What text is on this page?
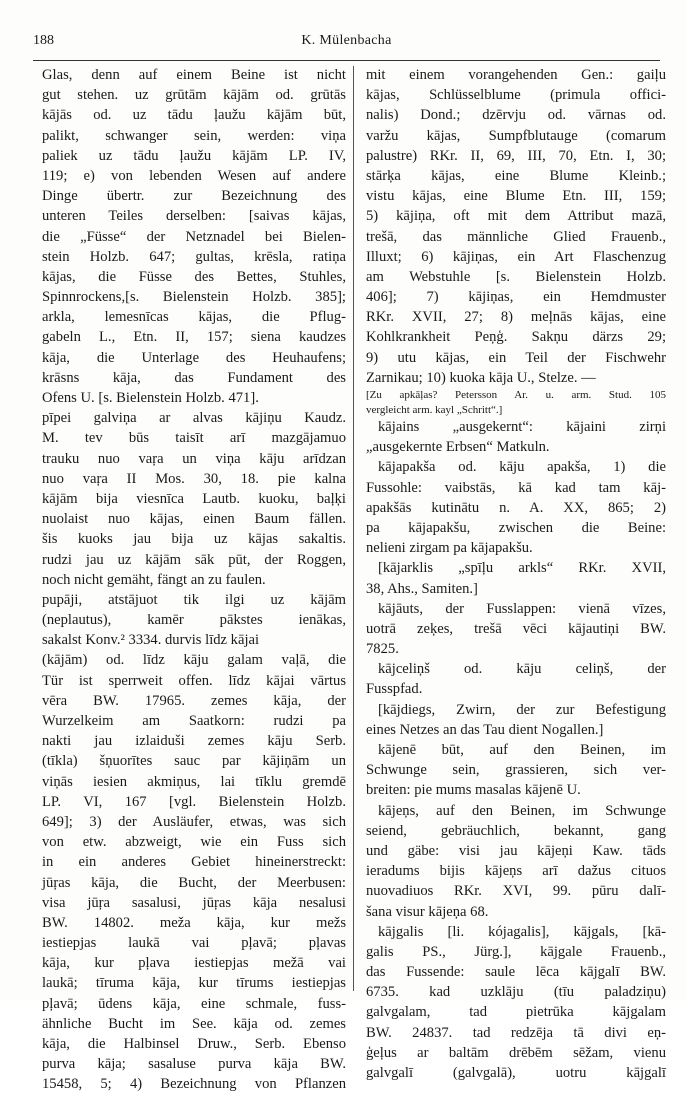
188	K. Mülenbacha
Glas, denn auf einem Beine ist nicht
gut stehen. uz grūtām kājām od. grūtās
kājās od. uz tādu ļaužu kājām būt,
palikt, schwanger sein, werden: viņa
paliek uz tādu ļaužu kājām LP. IV,
119; e) von lebenden Wesen auf andere
Dinge übertr. zur Bezeichnung des
unteren Teiles derselben: [saivas kājas,
die „Füsse“ der Netznadel bei Bielen-
stein Holzb. 647; gultas, krēsla, ratiņa
kājas, die Füsse des Bettes, Stuhles,
Spinnrockens,[s. Bielenstein Holzb. 385];
arkla, lemesnīcas kājas, die Pflug-
gabeln L., Etn. II, 157; siena kaudzes
kāja, die Unterlage des Heuhaufens;
krāsns kāja, das Fundament des
Ofens U. [s. Bielenstein Holzb. 471].
pīpei galviņa ar alvas kājiņu Kaudz.
M. tev būs taisīt arī mazgājamuo
trauku nuo vaŗa un viņa kāju arīdzan
nuo vaŗa II Mos. 30, 18. pie kalna
kājām bija viesnīca Lautb. kuoku, baļķi
nuolaist nuo kājas, einen Baum fällen.
šis kuoks jau bija uz kājas sakaltis.
rudzi jau uz kājām sāk pūt, der Roggen,
noch nicht gemäht, fängt an zu faulen.
pupāji, atstājuot tik ilgi uz kājām
(neplautus), kamēr pākstes ienākas,
sakalst Konv.² 3334. durvis līdz kājai
(kājām) od. līdz kāju galam vaļā, die
Tür ist sperrweit offen. līdz kājai vārtus
vēra BW. 17965. zemes kāja, der
Wurzelkeim am Saatkorn: rudzi pa
nakti jau izlaiduši zemes kāju Serb.
(tīkla) šņuorītes sauc par kājiņām un
viņās iesien akmiņus, lai tīklu gremdē
LP. VI, 167 [vgl. Bielenstein Holzb.
649]; 3) der Ausläufer, etwas, was sich
von etw. abzweigt, wie ein Fuss sich
in ein anderes Gebiet hineinerstreckt:
jūŗas kāja, die Bucht, der Meerbusen:
visa jūŗa sasalusi, jūŗas kāja nesalusi
BW. 14802. meža kāja, kur mežs
iestiepjas laukā vai pļavā; pļavas
kāja, kur pļava iestiepjas mežā vai
laukā; tīruma kāja, kur tīrums iestiepjas
pļavā; ūdens kāja, eine schmale, fuss-
ähnliche Bucht im See. kāja od. zemes
kāja, die Halbinsel Druw., Serb. Ebenso
purva kāja; sasaluse purva kāja BW.
15458, 5; 4) Bezeichnung von Pflanzen
mit einem vorangehenden Gen.: gaiļu
kājas, Schlüsselblume (primula offici-
nalis) Dond.; dzērvju od. vārnas od.
varžu kājas, Sumpfblutauge (comarum
palustre) RKr. II, 69, III, 70, Etn. I, 30;
stārķa kājas, eine Blume Kleinb.;
vistu kājas, eine Blume Etn. III, 159;
5) kājiņa, oft mit dem Attribut mazā,
trešā, das männliche Glied Frauenb.,
Illuxt; 6) kājiņas, ein Art Flaschenzug
am Webstuhle [s. Bielenstein Holzb.
406]; 7) kājiņas, ein Hemdmuster
RKr. XVII, 27; 8) meļnās kājas, eine
Kohlkrankheit Peņģ. Sakņu därzs 29;
9) utu kājas, ein Teil der Fischwehr
Zarnikau; 10) kuoka kāja U., Stelze. —
[Zu apkāļas? Petersson Ar. u. arm. Stud. 105
vergleicht arm. kayl „Schritt“.]
kājains „ausgekernt“: kājaini zirņi
„ausgekernte Erbsen“ Matkuln.
kājapakša od. kāju apakša, 1) die
Fussohle: vaibstās, kā kad tam kāj-
apakšās kutinātu n. A. XX, 865; 2)
pa kājapakšu, zwischen die Beine:
nelieni zirgam pa kājapakšu.
[kājarklis „spīļu arkls“ RKr. XVII,
38, Ahs., Samiten.]
kājāuts, der Fusslappen: vienā vīzes,
uotrā zeķes, trešā vēci kājautiņi BW.
7825.
kājceliņš od. kāju celiņš, der
Fusspfad.
[kājdiegs, Zwirn, der zur Befestigung
eines Netzes an das Tau dient Nogallen.]
kājenē būt, auf den Beinen, im
Schwunge sein, grassieren, sich ver-
breiten: pie mums masalas kājenē U.
kājeņs, auf den Beinen, im Schwunge
seiend, gebräuchlich, bekannt, gang
und gäbe: visi jau kājeņi Kaw. tāds
ieradums bijis kājeņs arī dažus cituos
nuovadiuos RKr. XVI, 99. pūru dalī-
šana visur kājeņa 68.
kājgalis [li. kójagalis], kājgals, [kā-
galis PS., Jürg.], kājgale Frauenb.,
das Fussende: saule lēca kājgalī BW.
6735. kad uzklāju (tīu paladziņu)
galvgalam, tad pietrūka kājgalam
BW. 24837. tad redzēja tā divi eņ-
ģeļus ar baltām drēbēm sēžam, vienu
galvgalī (galvgalā), uotru kājgalī
